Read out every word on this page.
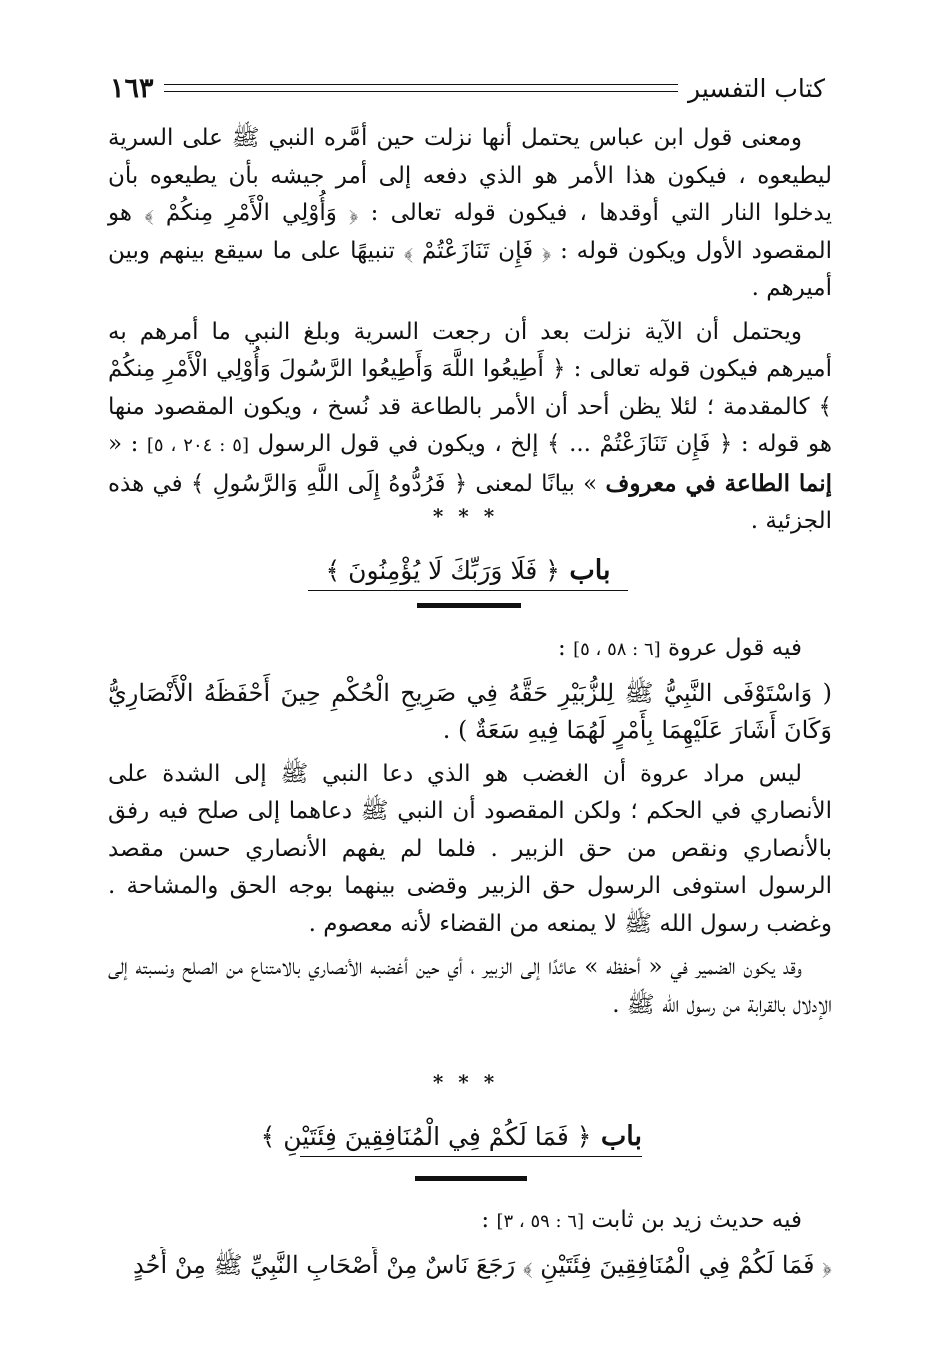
كتاب التفسير
١٦٣

ومعنى قول ابن عباس يحتمل أنها نزلت حين أمَّره النبي ﷺ على السرية ليطيعوه ، فيكون هذا الأمر هو الذي دفعه إلى أمر جيشه بأن يطيعوه بأن يدخلوا النار التي أوقدها ، فيكون قوله تعالى : ﴿ وَأُوْلِي الْأَمْرِ مِنكُمْ ﴾ هو المقصود الأول ويكون قوله : ﴿ فَإِن تَنَازَعْتُمْ ﴾ تنبيهًا على ما سيقع بينهم وبين أميرهم .

ويحتمل أن الآية نزلت بعد أن رجعت السرية وبلغ النبي ما أمرهم به أميرهم فيكون قوله تعالى : ﴿ أَطِيعُوا اللَّهَ وَأَطِيعُوا الرَّسُولَ وَأُوْلِي الْأَمْرِ مِنكُمْ ﴾ كالمقدمة ؛ لئلا يظن أحد أن الأمر بالطاعة قد نُسخ ، ويكون المقصود منها هو قوله : ﴿ فَإِن تَنَازَعْتُمْ ... ﴾ إلخ ، ويكون في قول الرسول [٥ : ٢٠٤ ، ٥] : « إنما الطاعة في معروف » بيانًا لمعنى ﴿ فَرُدُّوهُ إِلَى اللَّهِ وَالرَّسُولِ ﴾ في هذه الجزئية .

* * *
باب ﴿ فَلَا وَرَبِّكَ لَا يُؤْمِنُونَ ﴾

فيه قول عروة [٦ : ٥٨ ، ٥] :

( وَاسْتَوْفَى النَّبِيُّ ﷺ لِلزُّبَيْرِ حَقَّهُ فِي صَرِيحِ الْحُكْمِ حِينَ أَحْفَظَهُ الْأَنْصَارِيُّ وَكَانَ أَشَارَ عَلَيْهِمَا بِأَمْرٍ لَهُمَا فِيهِ سَعَةٌ ) .

ليس مراد عروة أن الغضب هو الذي دعا النبي ﷺ إلى الشدة على الأنصاري في الحكم ؛ ولكن المقصود أن النبي ﷺ دعاهما إلى صلح فيه رفق بالأنصاري ونقص من حق الزبير . فلما لم يفهم الأنصاري حسن مقصد الرسول استوفى الرسول حق الزبير وقضى بينهما بوجه الحق والمشاحة . وغضب رسول الله ﷺ لا يمنعه من القضاء لأنه معصوم .

وقد يكون الضمير في « أحفظه » عائدًا إلى الزبير ، أي حين أغضبه الأنصاري بالامتناع من الصلح ونسبته إلى الإدلال بالقرابة من رسول الله ﷺ .

* * *
باب ﴿ فَمَا لَكُمْ فِي الْمُنَافِقِينَ فِئَتَيْنِ ﴾

فيه حديث زيد بن ثابت [٦ : ٥٩ ، ٣] :

﴿ فَمَا لَكُمْ فِي الْمُنَافِقِينَ فِئَتَيْنِ ﴾ رَجَعَ نَاسٌ مِنْ أَصْحَابِ النَّبِيِّ ﷺ مِنْ أُحُدٍ
